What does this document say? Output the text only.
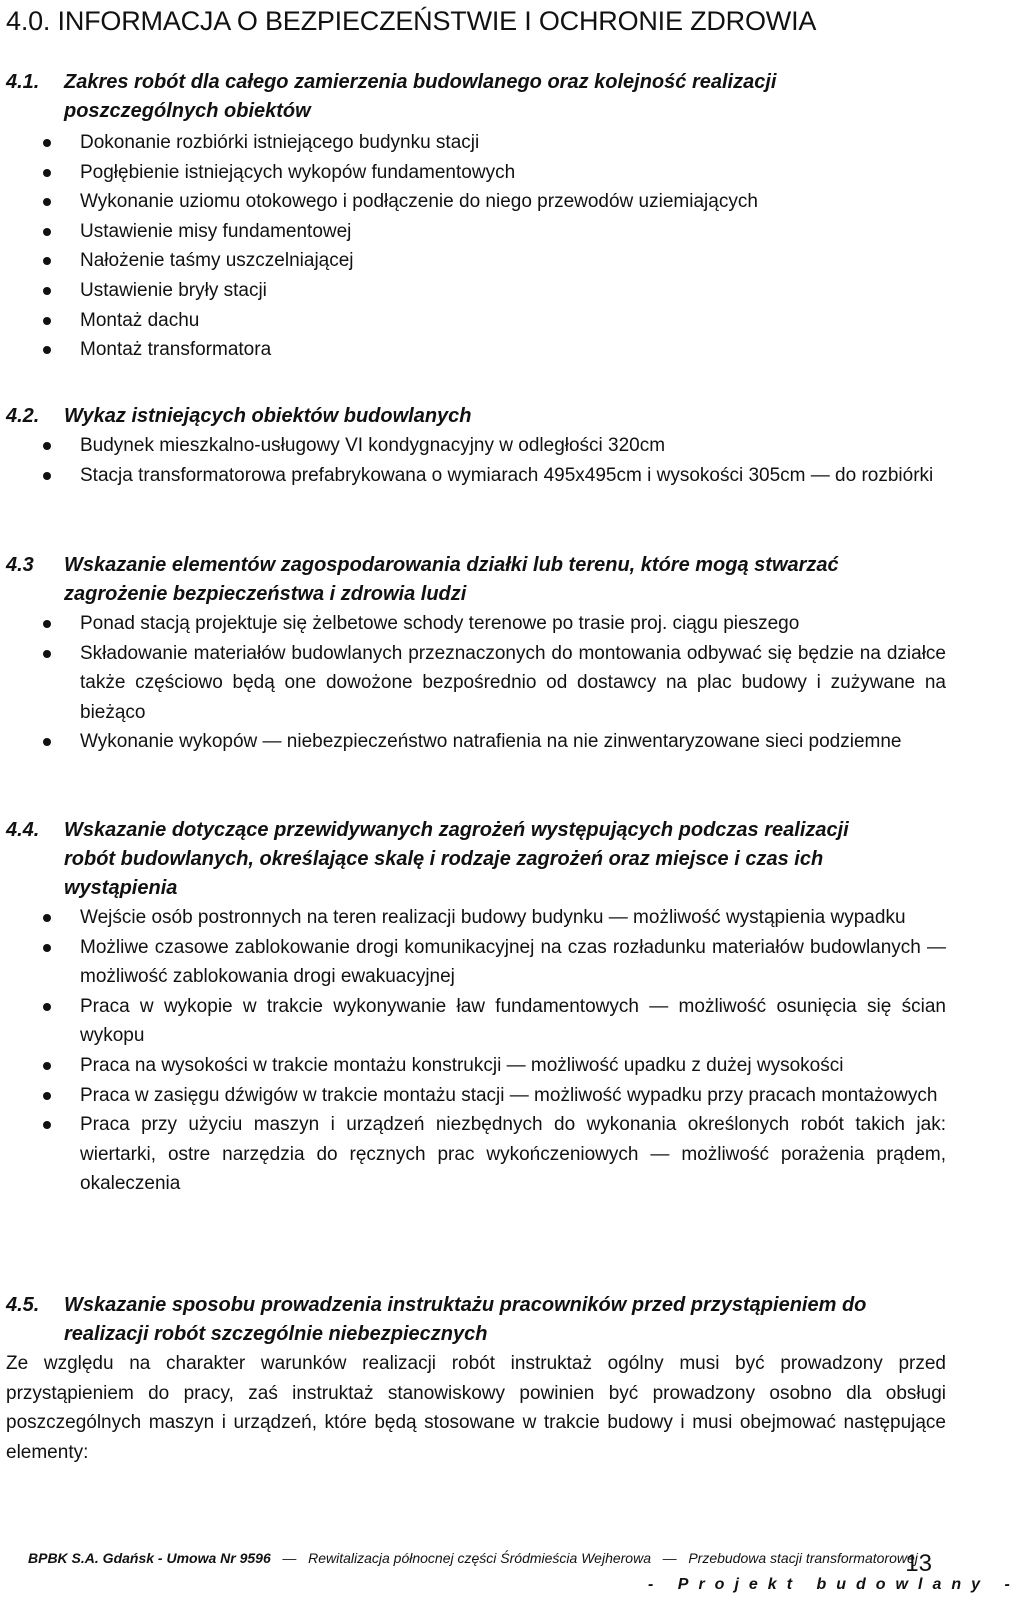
4.0. INFORMACJA O BEZPIECZEŃSTWIE I OCHRONIE ZDROWIA
4.1. Zakres robót dla całego zamierzenia budowlanego oraz kolejność realizacji poszczególnych obiektów
Dokonanie rozbiórki istniejącego budynku stacji
Pogłębienie istniejących wykopów fundamentowych
Wykonanie uziomu otokowego i podłączenie do niego przewodów uziemiających
Ustawienie misy fundamentowej
Nałożenie taśmy uszczelniającej
Ustawienie bryły stacji
Montaż dachu
Montaż transformatora
4.2. Wykaz istniejących obiektów budowlanych
Budynek mieszkalno-usługowy VI kondygnacyjny w odległości 320cm
Stacja transformatorowa prefabrykowana o wymiarach 495x495cm i wysokości 305cm — do rozbiórki
4.3 Wskazanie elementów zagospodarowania działki lub terenu, które mogą stwarzać zagrożenie bezpieczeństwa i zdrowia ludzi
Ponad stacją projektuje się żelbetowe schody terenowe po trasie proj. ciągu pieszego
Składowanie materiałów budowlanych przeznaczonych do montowania odbywać się będzie na działce także częściowo będą one dowożone bezpośrednio od dostawcy na plac budowy i zużywane na bieżąco
Wykonanie wykopów — niebezpieczeństwo natrafienia na nie zinwentaryzowane sieci podziemne
4.4. Wskazanie dotyczące przewidywanych zagrożeń występujących podczas realizacji robót budowlanych, określające skalę i rodzaje zagrożeń oraz miejsce i czas ich wystąpienia
Wejście osób postronnych na teren realizacji budowy budynku — możliwość wystąpienia wypadku
Możliwe czasowe zablokowanie drogi komunikacyjnej na czas rozładunku materiałów budowlanych — możliwość zablokowania drogi ewakuacyjnej
Praca w wykopie w trakcie wykonywanie ław fundamentowych — możliwość osunięcia się ścian wykopu
Praca na wysokości w trakcie montażu konstrukcji — możliwość upadku z dużej wysokości
Praca w zasięgu dźwigów w trakcie montażu stacji — możliwość wypadku przy pracach montażowych
Praca przy użyciu maszyn i urządzeń niezbędnych do wykonania określonych robót takich jak: wiertarki, ostre narzędzia do ręcznych prac wykończeniowych — możliwość porażenia prądem, okaleczenia
4.5. Wskazanie sposobu prowadzenia instruktażu pracowników przed przystąpieniem do realizacji robót szczególnie niebezpiecznych
Ze względu na charakter warunków realizacji robót instruktaż ogólny musi być prowadzony przed przystąpieniem do pracy, zaś instruktaż stanowiskowy powinien być prowadzony osobno dla obsługi poszczególnych maszyn i urządzeń, które będą stosowane w trakcie budowy i musi obejmować następujące elementy:
BPBK S.A. Gdańsk - Umowa Nr 9596 — Rewitalizacja północnej części Śródmieścia Wejherowa — Przebudowa stacji transformatorowej
13
- Projekt budowlany -
